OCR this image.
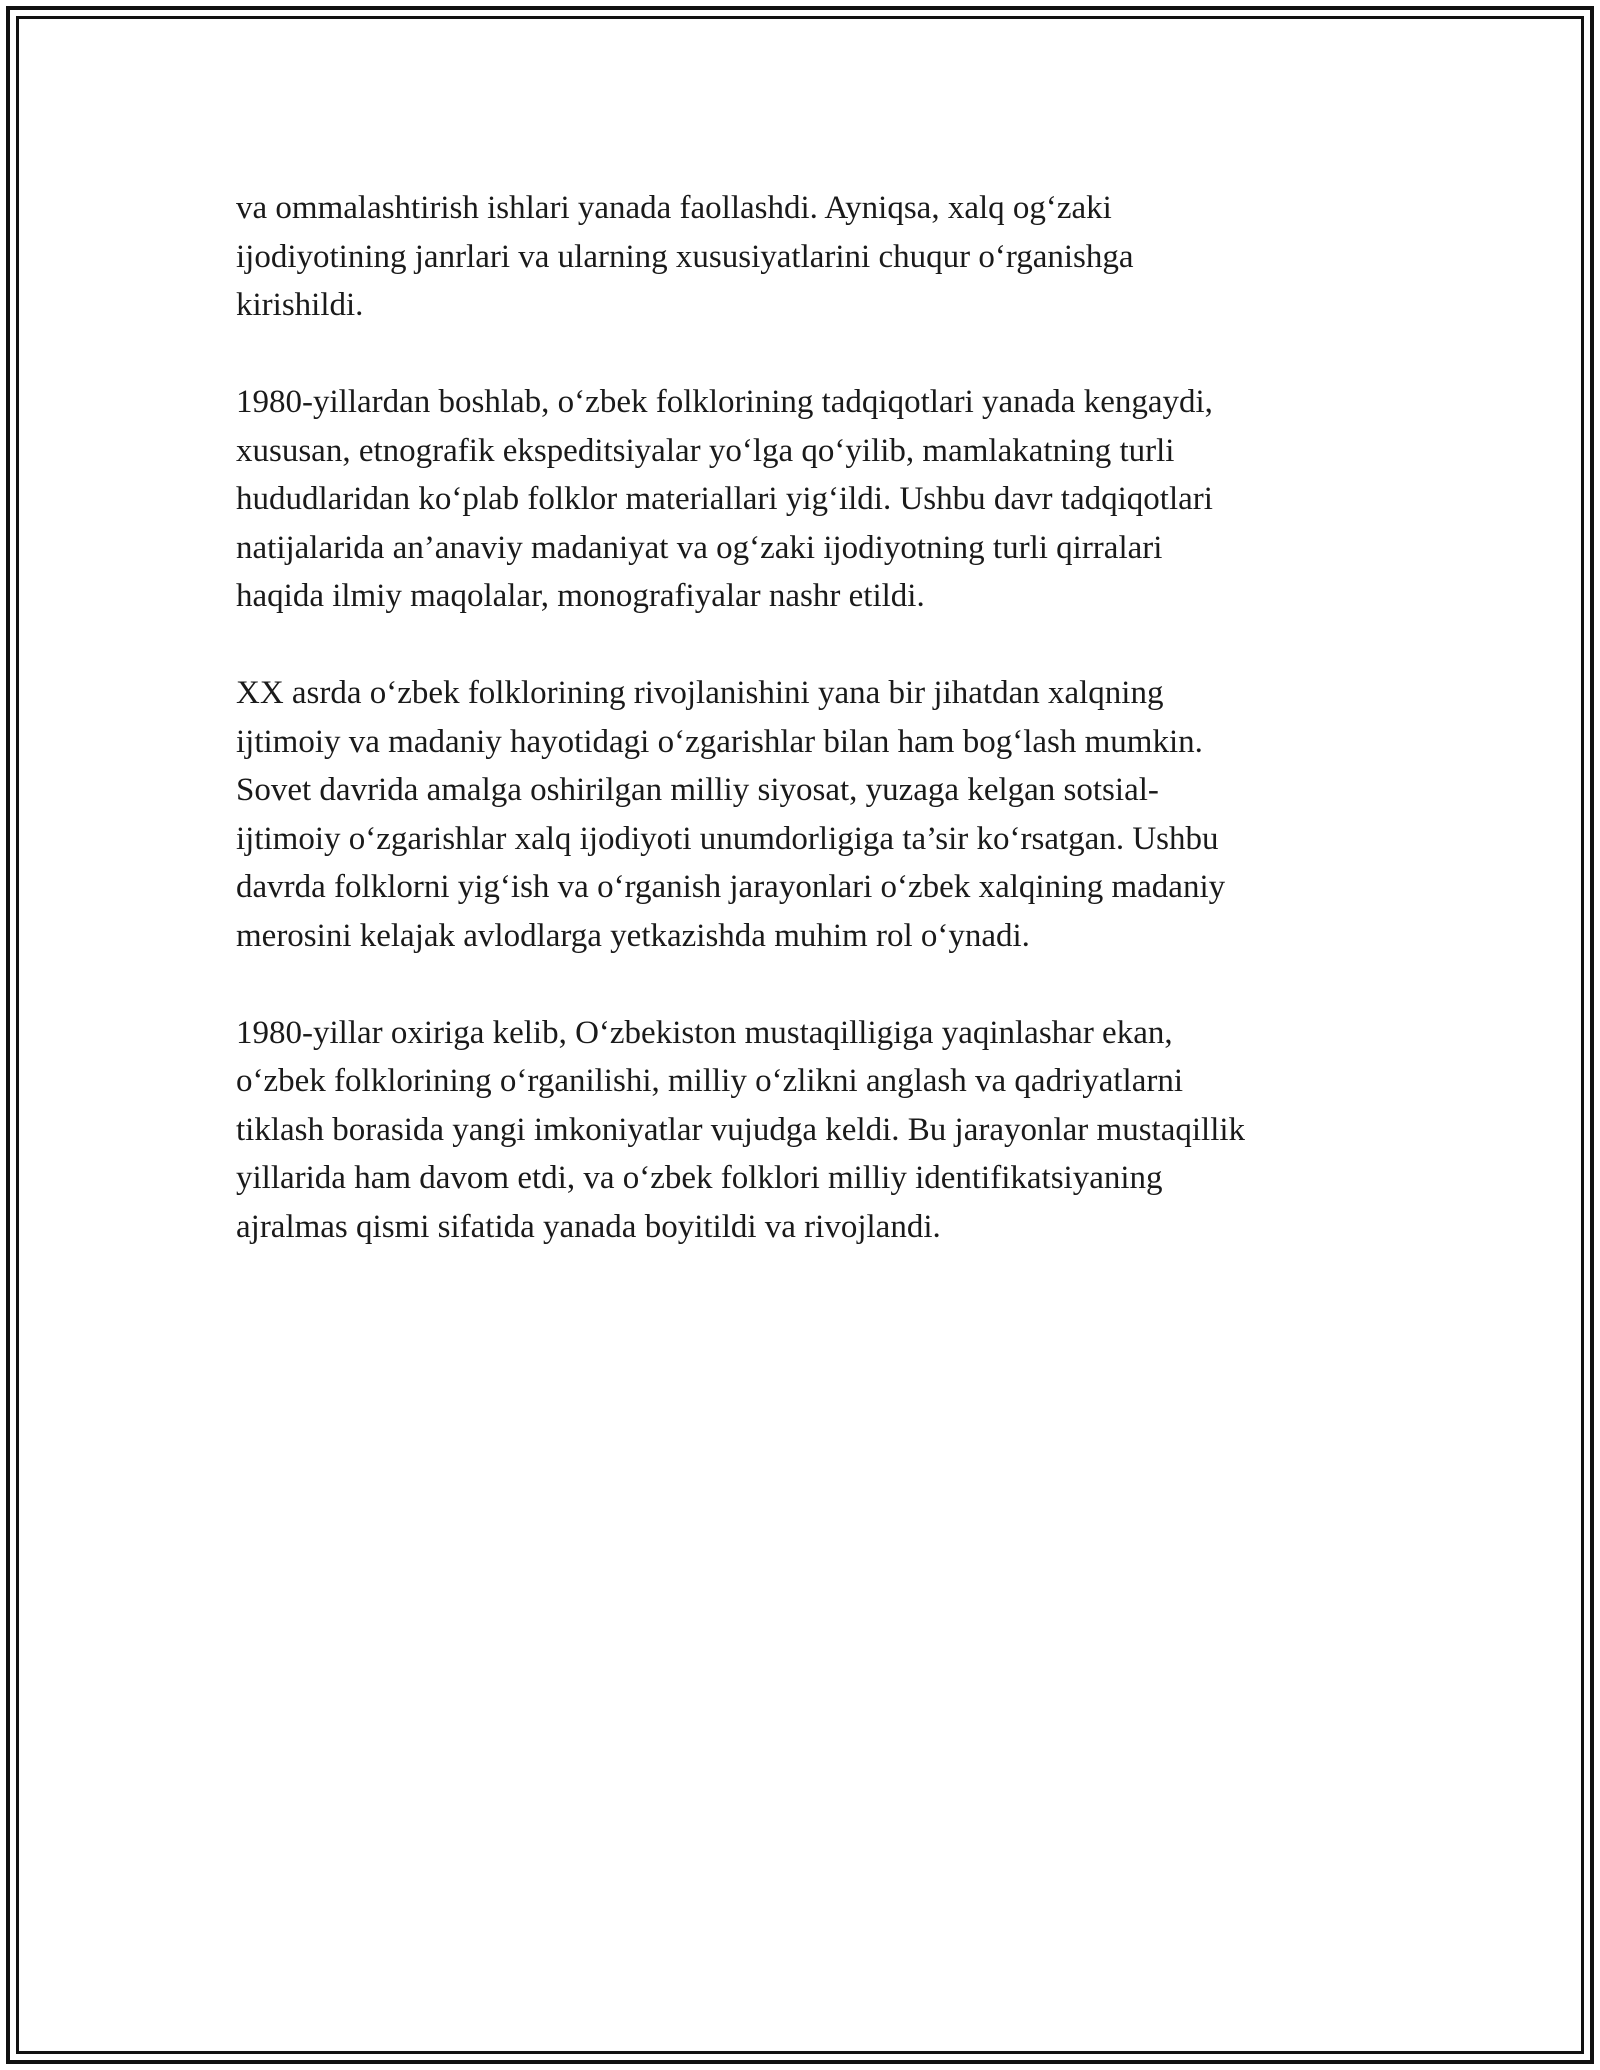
va ommalashtirish ishlari yanada faollashdi. Ayniqsa, xalq og‘zaki
ijodiyotining janrlari va ularning xususiyatlarini chuqur o‘rganishga
kirishildi.

1980-yillardan boshlab, o‘zbek folklorining tadqiqotlari yanada kengaydi,
xususan, etnografik ekspeditsiyalar yo‘lga qo‘yilib, mamlakatning turli
hududlaridan ko‘plab folklor materiallari yig‘ildi. Ushbu davr tadqiqotlari
natijalarida an’anaviy madaniyat va og‘zaki ijodiyotning turli qirralari
haqida ilmiy maqolalar, monografiyalar nashr etildi.

XX asrda o‘zbek folklorining rivojlanishini yana bir jihatdan xalqning
ijtimoiy va madaniy hayotidagi o‘zgarishlar bilan ham bog‘lash mumkin.
Sovet davrida amalga oshirilgan milliy siyosat, yuzaga kelgan sotsial-
ijtimoiy o‘zgarishlar xalq ijodiyoti unumdorligiga ta’sir ko‘rsatgan. Ushbu
davrda folklorni yig‘ish va o‘rganish jarayonlari o‘zbek xalqining madaniy
merosini kelajak avlodlarga yetkazishda muhim rol o‘ynadi.

1980-yillar oxiriga kelib, O‘zbekiston mustaqilligiga yaqinlashar ekan,
o‘zbek folklorining o‘rganilishi, milliy o‘zlikni anglash va qadriyatlarni
tiklash borasida yangi imkoniyatlar vujudga keldi. Bu jarayonlar mustaqillik
yillarida ham davom etdi, va o‘zbek folklori milliy identifikatsiyaning
ajralmas qismi sifatida yanada boyitildi va rivojlandi.
